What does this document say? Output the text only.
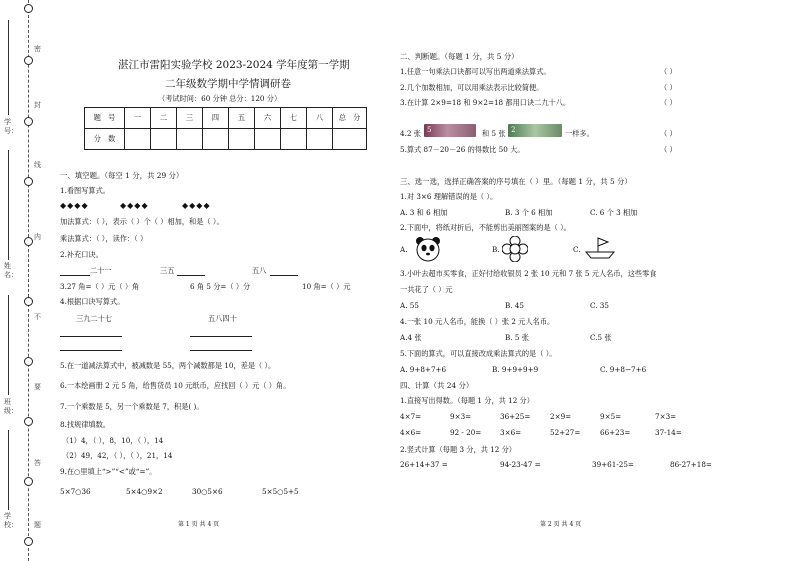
密
封
线
内
不
要
答
题
学号：
姓名：
班级：
学校：
湛江市雷阳实验学校 2023-2024 学年度第一学期
二年级数学期中学情调研卷
（考试时间：60 分钟 总分：120 分）
题　号	一	二	三	四	五	六	七	八	总　分
分　数									
一、填空题。（每空 1 分，共 29 分）
1.看图写算式。
◆◆◆◆	◆◆◆◆	◆◆◆◆
加法算式：（ ），表示（ ）个（ ）相加，和是（ ）。
乘法算式：（ ），读作：（ ）
2.补充口诀。
二十一	三五	五八
3.27 角=（ ）元（ ）角	6 角 5 分=（ ）分	10 角=（ ）元
4.根据口诀写算式。
三九二十七	五八四十
5.在一道减法算式中，被减数是 55，两个减数都是 10，差是（ ）。
6.一本绘画册 2 元 5 角，给售货员 10 元纸币，应找回（ ）元（ ）角。
7.一个乘数是 5，另一个乘数是 7，积是( )。
8.找规律填数。
（1）4，（ ），8，10，（ ），14
（2）49，42，（ ），（ ），21，14
9.在○里填上“>”“<”或“=”。
5×7○36	5×4○9×2	30○5×6	5×5○5+5
第 1 页 共 4 页
二、判断题。（每题 1 分，共 5 分）
1.任意一句乘法口诀都可以写出两道乘法算式。	（ ）
2.几个加数相加，可以用乘法表示比较简便。	（ ）
3.在计算 2×9=18 和 9×2=18 都用口诀二九十八。	（ ）
4.2 张 5	和 5 张 2	一样多。	（ ）
5.算式 87－20－26 的得数比 50 大。	（ ）
三、选一选，选择正确答案的序号填在（ ）里。（每题 1 分，共 5 分）
1.对 3×6 理解错误的是（ ）。
A. 3 和 6 相加	B. 3 个 6 相加	C. 6 个 3 相加
2.下面中，将纸对折后，不能剪出美丽图案的是（ ）。
A.	B.	C.
3.小叶去超市买零食，正好付给收银员 2 张 10 元和 7 张 5 元人名币，这些零食
一共花了（ ）元
A. 55	B. 45	C. 35
4.一张 10 元人名币，能换（ ）张 2 元人名币。
A.4 张	B. 5 张	C.5 张
5.下面的算式，可以直接改成乘法算式的是（ ）。
A. 9+8+7+6	B. 9+9+9+9	C. 9+8−7+6
四、计算（共 24 分）
1.直接写出得数。（每题 1 分，共 12 分）
4×7=	9×3=	36+25=	2×9=	9×5=	7×3=
4×6=	92 - 20=	3×6=	52+27=	66+23=	37-14=
2.竖式计算（每题 3 分，共 12 分）
26+14+37 =	94-23-47 =	39+61-25=	86-27+18=
第 2 页 共 4 页
